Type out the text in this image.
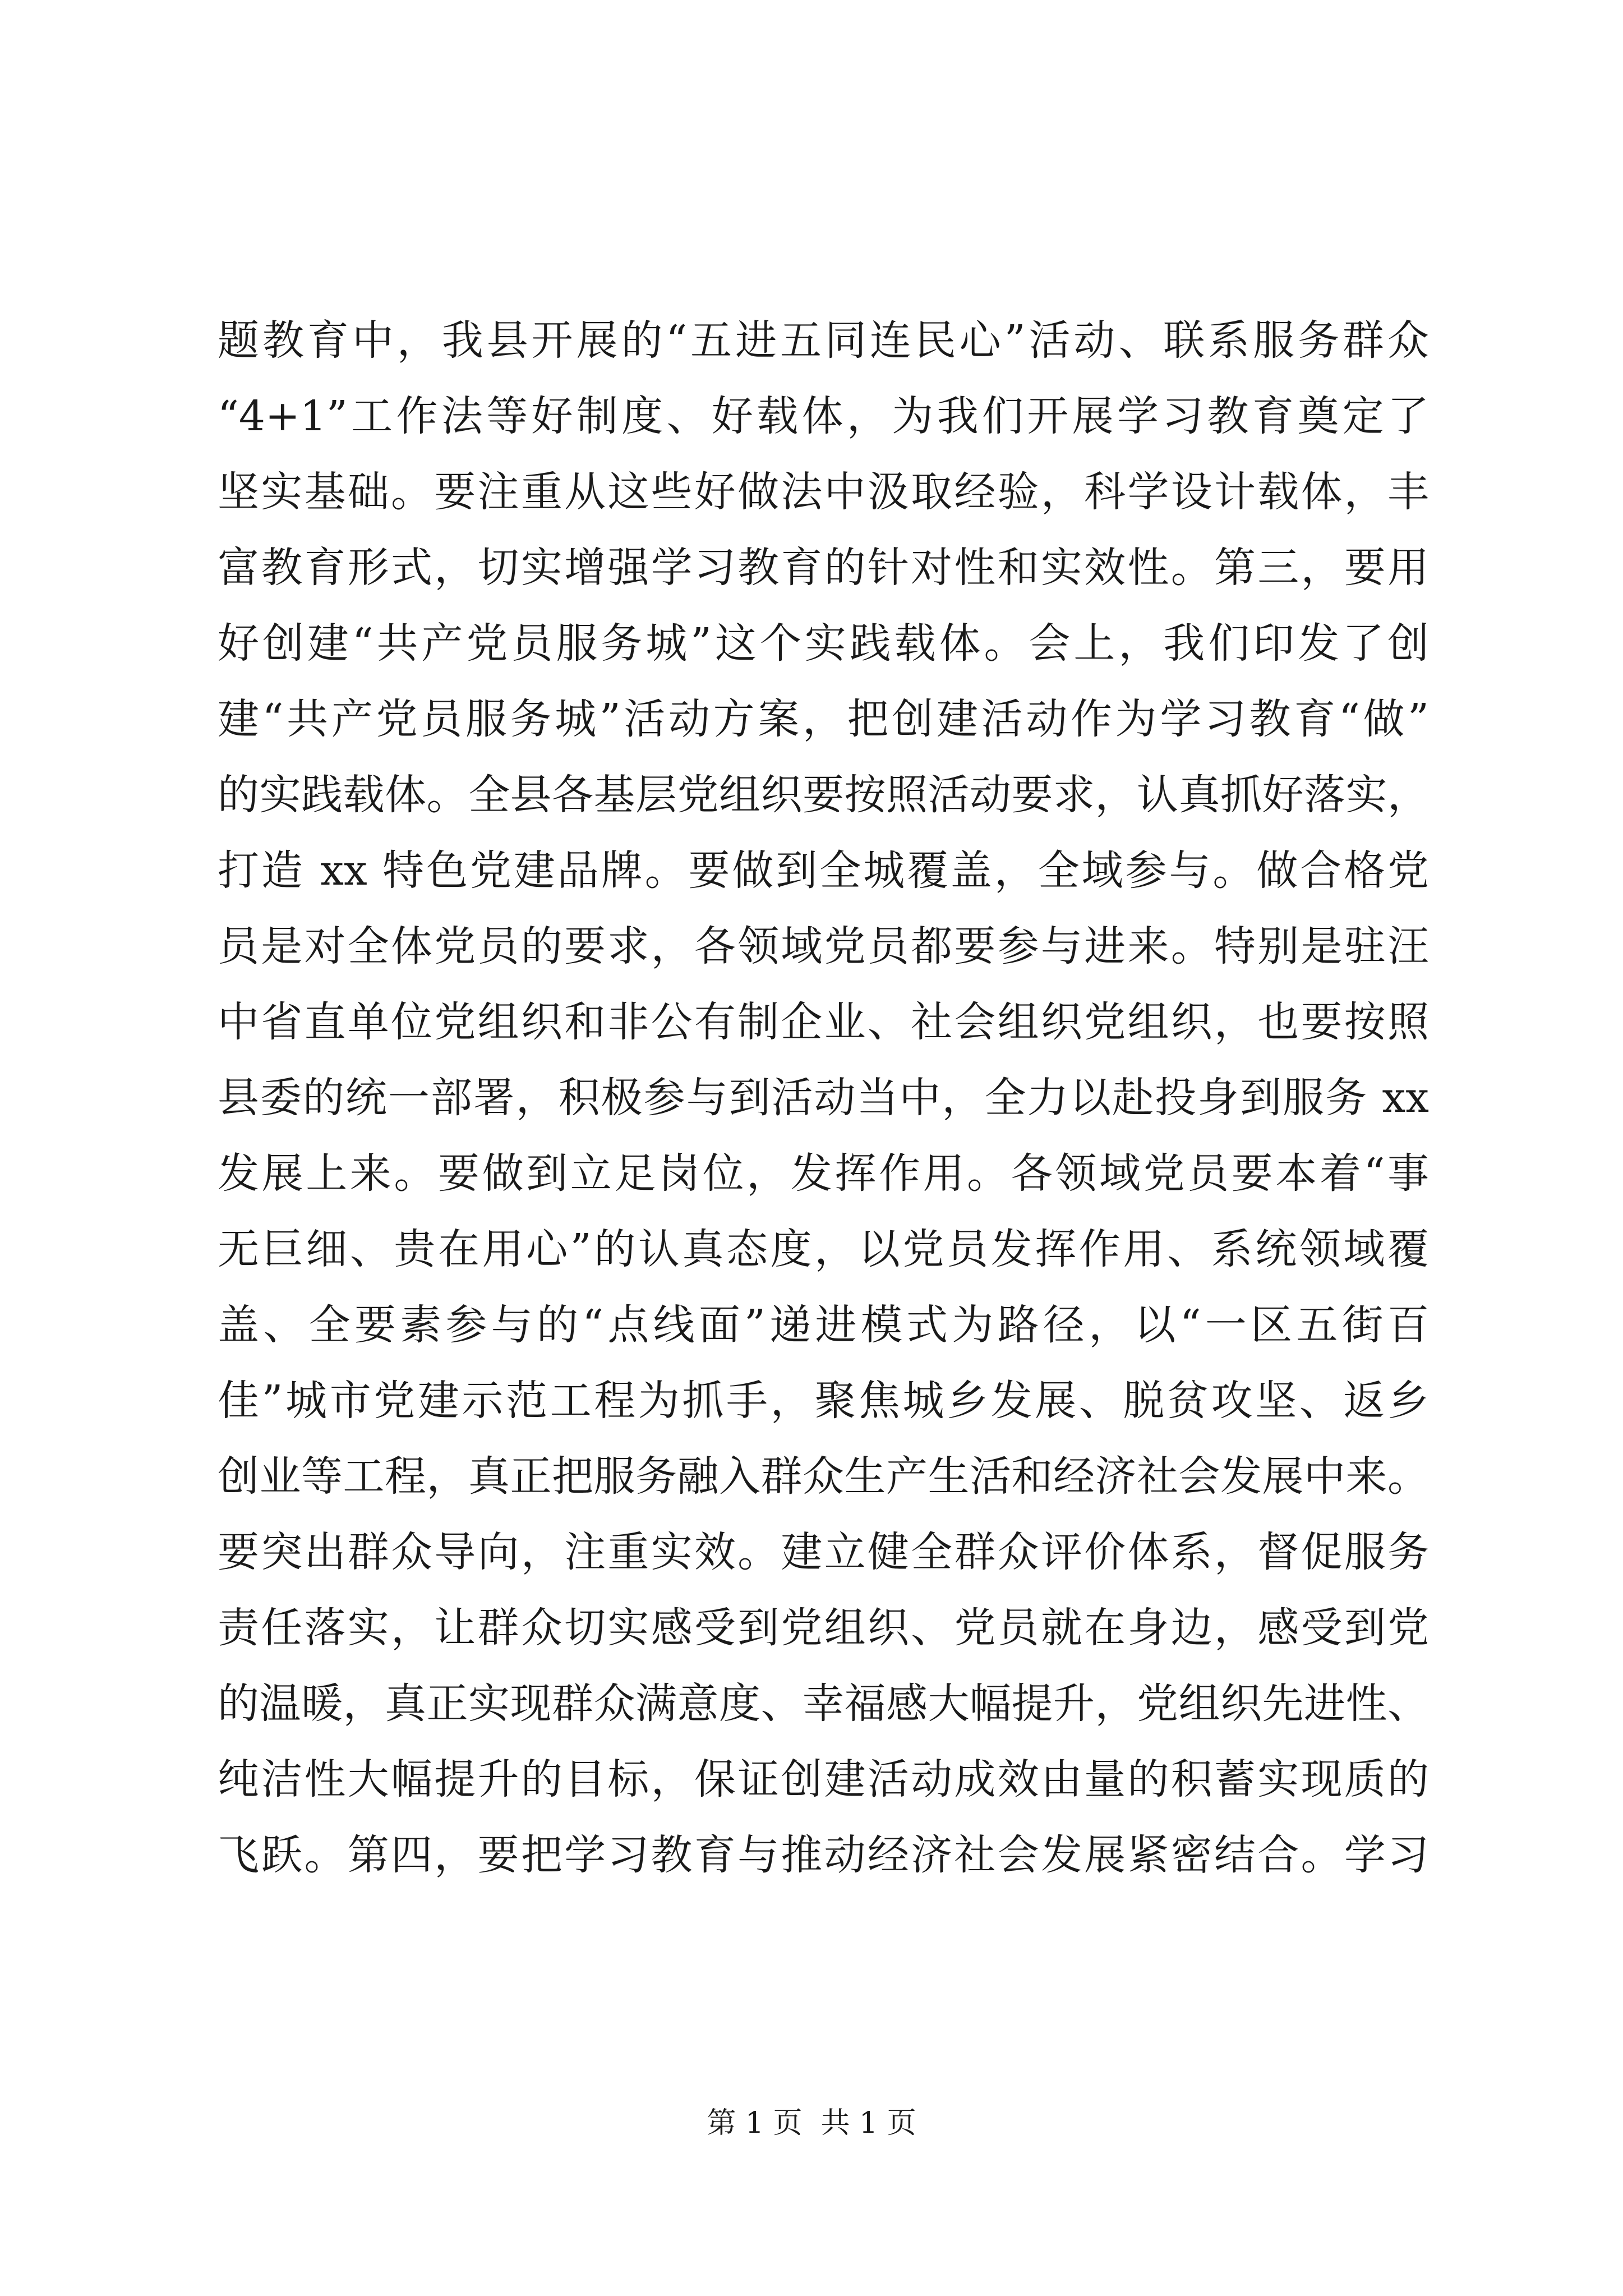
题教育中，我县开展的“五进五同连民心”活动、联系服务群众
“4+1”工作法等好制度、好载体，为我们开展学习教育奠定了
坚实基础。要注重从这些好做法中汲取经验，科学设计载体，丰
富教育形式，切实增强学习教育的针对性和实效性。第三，要用
好创建“共产党员服务城”这个实践载体。会上，我们印发了创
建“共产党员服务城”活动方案，把创建活动作为学习教育“做”
的实践载体。全县各基层党组织要按照活动要求，认真抓好落实，
打造 xx 特色党建品牌。要做到全城覆盖，全域参与。做合格党
员是对全体党员的要求，各领域党员都要参与进来。特别是驻汪
中省直单位党组织和非公有制企业、社会组织党组织，也要按照
县委的统一部署，积极参与到活动当中，全力以赴投身到服务 xx
发展上来。要做到立足岗位，发挥作用。各领域党员要本着“事
无巨细、贵在用心”的认真态度，以党员发挥作用、系统领域覆
盖、全要素参与的“点线面”递进模式为路径，以“一区五街百
佳”城市党建示范工程为抓手，聚焦城乡发展、脱贫攻坚、返乡
创业等工程，真正把服务融入群众生产生活和经济社会发展中来。
要突出群众导向，注重实效。建立健全群众评价体系，督促服务
责任落实，让群众切实感受到党组织、党员就在身边，感受到党
的温暖，真正实现群众满意度、幸福感大幅提升，党组织先进性、
纯洁性大幅提升的目标，保证创建活动成效由量的积蓄实现质的
飞跃。第四，要把学习教育与推动经济社会发展紧密结合。学习
第 1 页  共 1 页
